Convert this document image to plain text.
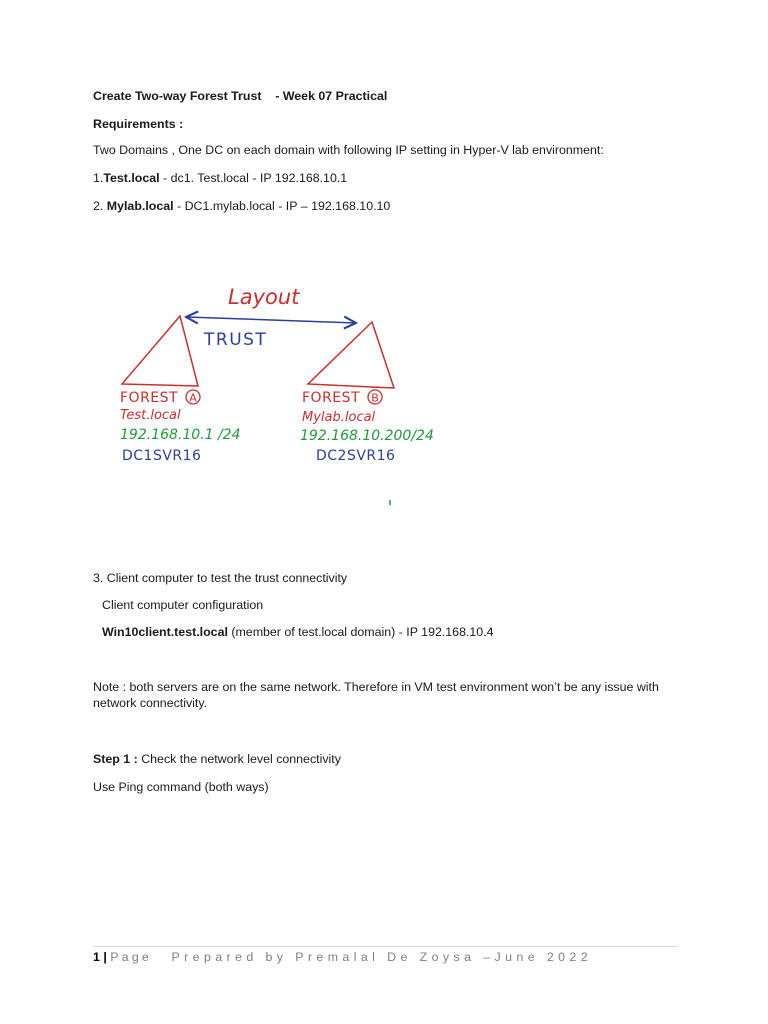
Create Two-way Forest Trust - Week 07 Practical
Requirements :
Two Domains , One DC on each domain with following IP setting in Hyper-V lab environment:
1.Test.local - dc1. Test.local - IP 192.168.10.1
2. Mylab.local - DC1.mylab.local - IP – 192.168.10.10
Layout
TRUST
FOREST A
Test.local
192.168.10.1 /24
DC1SVR16
FOREST B
Mylab.local
192.168.10.200/24
DC2SVR16
3. Client computer to test the trust connectivity
Client computer configuration
Win10client.test.local (member of test.local domain) - IP 192.168.10.4
Note : both servers are on the same network. Therefore in VM test environment won’t be any issue with network connectivity.
Step 1 : Check the network level connectivity
Use Ping command (both ways)
1 | Page Prepared by Premalal De Zoysa –June 2022
